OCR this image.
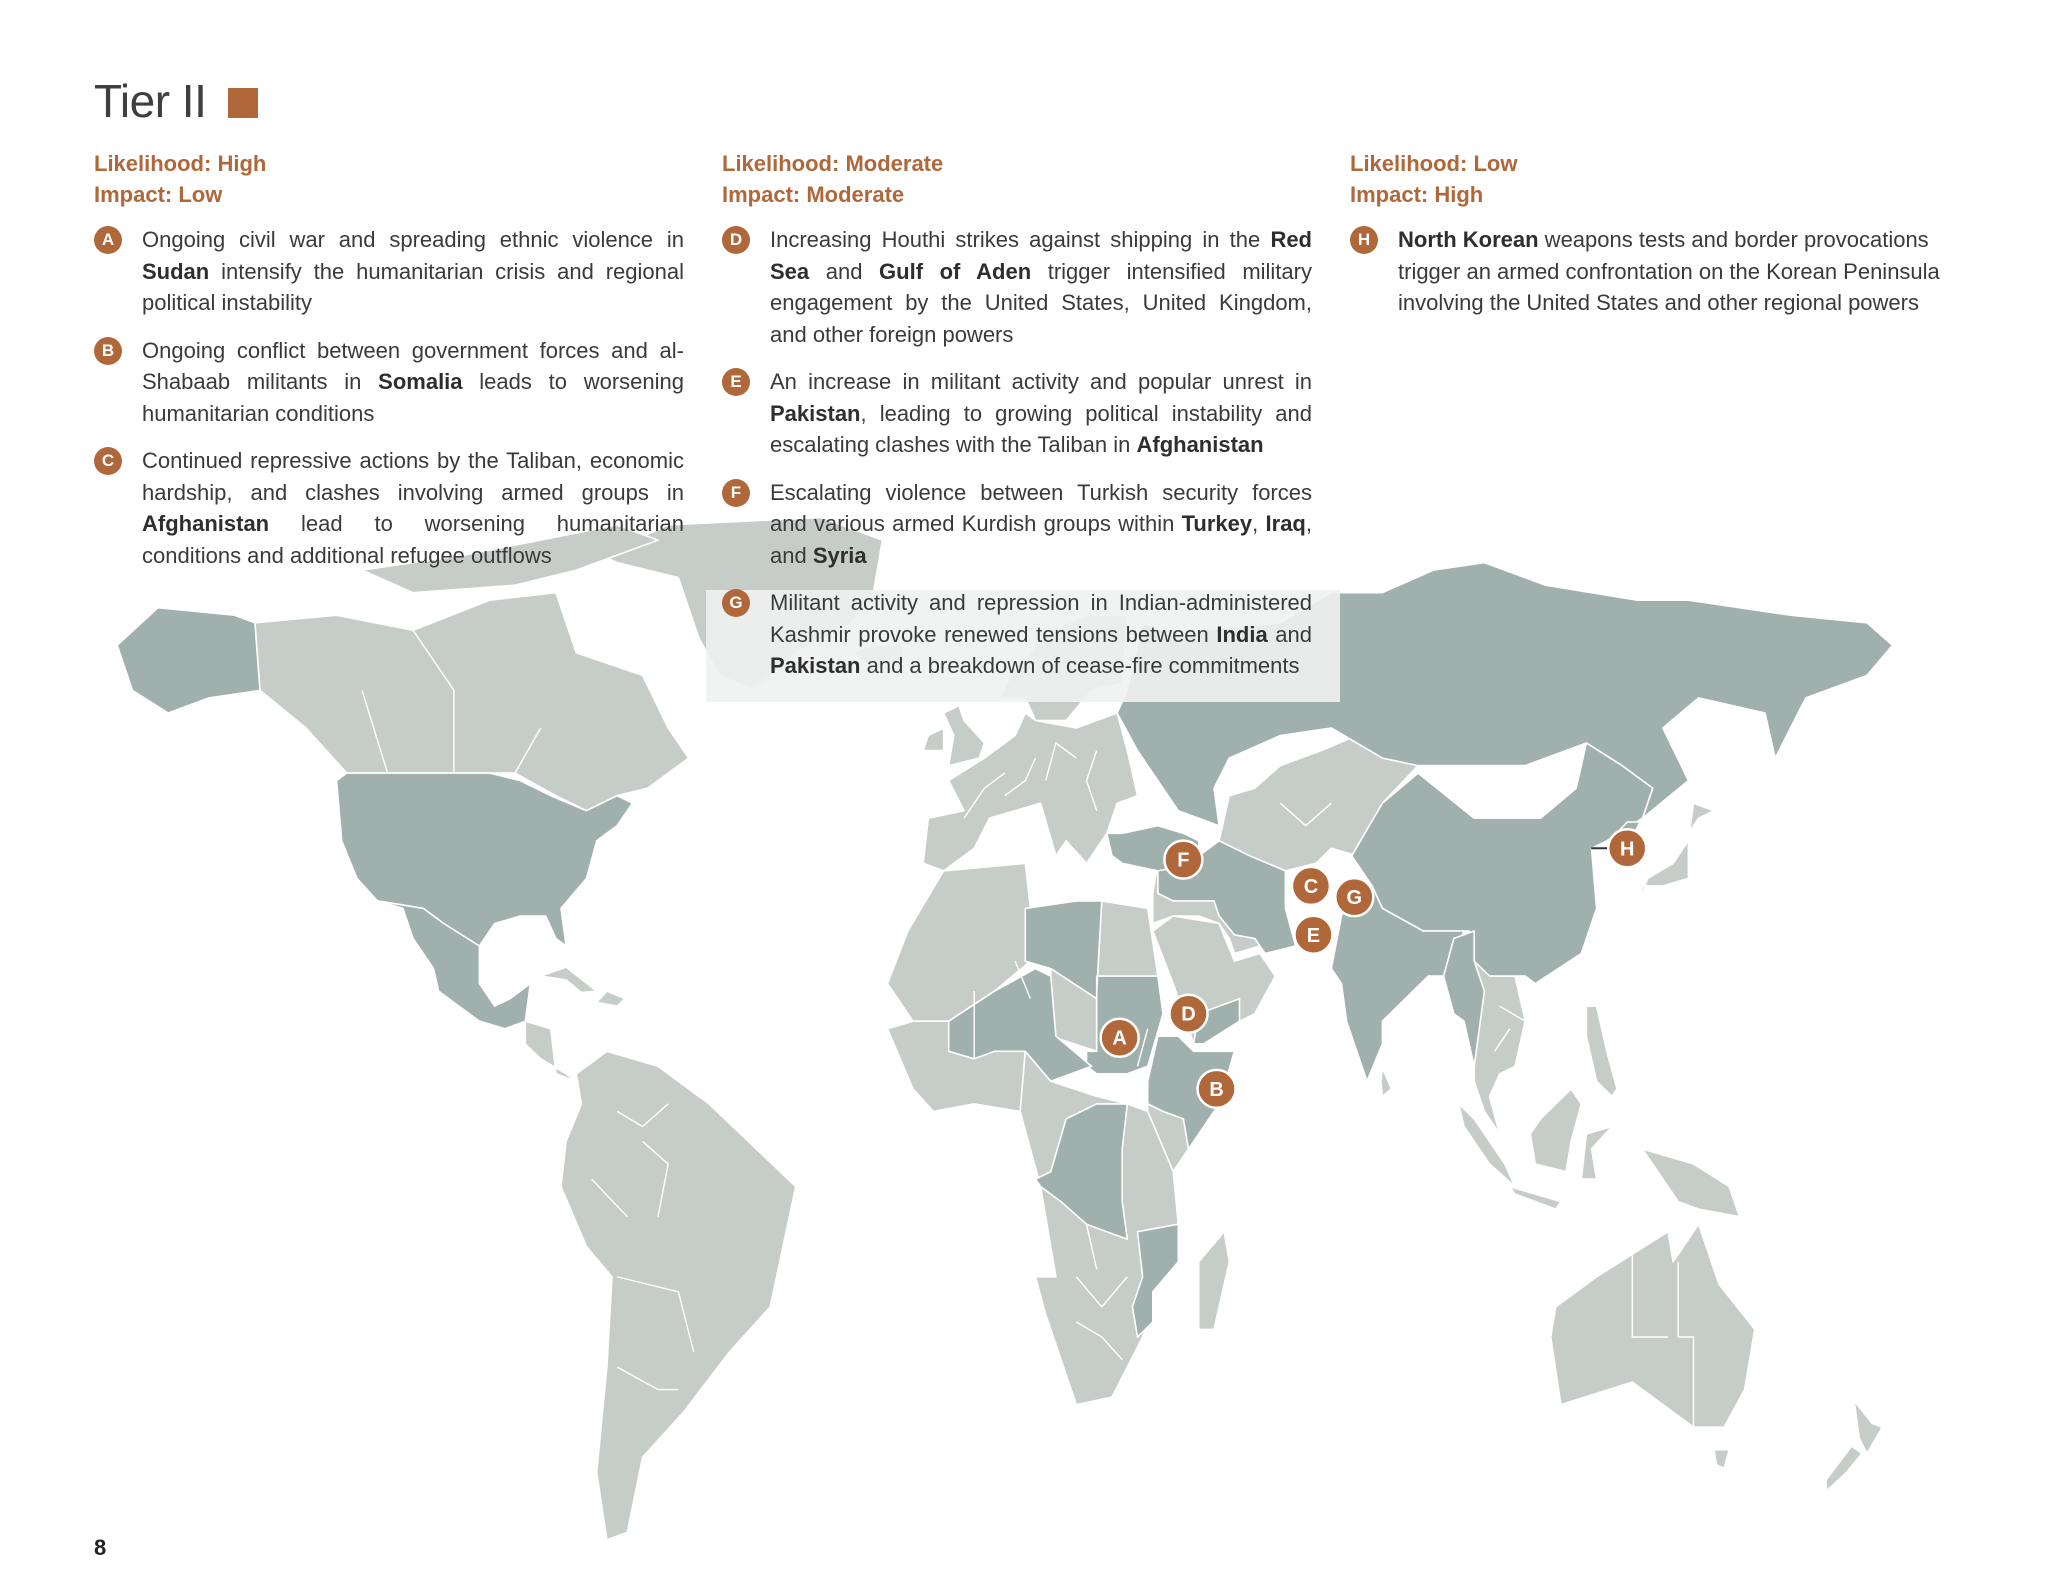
A
B
C
D
E
F
G
H
Tier II
Likelihood: High
Impact: Low
A	Ongoing civil war and spreading ethnic violence in Sudan intensify the humanitarian crisis and regional political instability
B	Ongoing conflict between government forces and al-Shabaab militants in Somalia leads to worsening humanitarian conditions
C	Continued repressive actions by the Taliban, economic hardship, and clashes involving armed groups in Afghanistan lead to worsening humanitarian conditions and additional refugee outflows
Likelihood: Moderate
Impact: Moderate
D	Increasing Houthi strikes against shipping in the Red Sea and Gulf of Aden trigger intensified military engagement by the United States, United Kingdom, and other foreign powers
E	An increase in militant activity and popular unrest in Pakistan, leading to growing political instability and escalating clashes with the Taliban in Afghanistan
F	Escalating violence between Turkish security forces and various armed Kurdish groups within Turkey, Iraq, and Syria
G	Militant activity and repression in Indian-administered Kashmir provoke renewed tensions between India and Pakistan and a breakdown of cease-fire commitments
Likelihood: Low
Impact: High
H	North Korean weapons tests and border provocations trigger an armed confrontation on the Korean Peninsula involving the United States and other regional powers
8
